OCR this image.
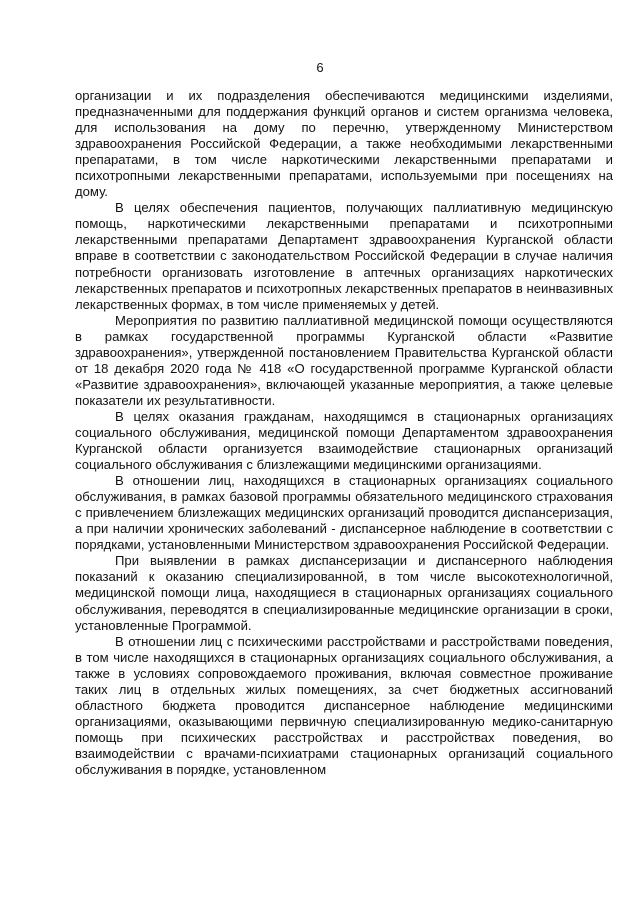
6

организации и их подразделения обеспечиваются медицинскими изделиями, предназначенными для поддержания функций органов и систем организма человека, для использования на дому по перечню, утвержденному Министерством здравоохранения Российской Федерации, а также необходимыми лекарственными препаратами, в том числе наркотическими лекарственными препаратами и психотропными лекарственными препаратами, используемыми при посещениях на дому.

В целях обеспечения пациентов, получающих паллиативную медицинскую помощь, наркотическими лекарственными препаратами и психотропными лекарственными препаратами Департамент здравоохранения Курганской области вправе в соответствии с законодательством Российской Федерации в случае наличия потребности организовать изготовление в аптечных организациях наркотических лекарственных препаратов и психотропных лекарственных препаратов в неинвазивных лекарственных формах, в том числе применяемых у детей.

Мероприятия по развитию паллиативной медицинской помощи осуществляются в рамках государственной программы Курганской области «Развитие здравоохранения», утвержденной постановлением Правительства Курганской области от 18 декабря 2020 года № 418 «О государственной программе Курганской области «Развитие здравоохранения», включающей указанные мероприятия, а также целевые показатели их результативности.

В целях оказания гражданам, находящимся в стационарных организациях социального обслуживания, медицинской помощи Департаментом здравоохранения Курганской области организуется взаимодействие стационарных организаций социального обслуживания с близлежащими медицинскими организациями.

В отношении лиц, находящихся в стационарных организациях социального обслуживания, в рамках базовой программы обязательного медицинского страхования с привлечением близлежащих медицинских организаций проводится диспансеризация, а при наличии хронических заболеваний - диспансерное наблюдение в соответствии с порядками, установленными Министерством здравоохранения Российской Федерации.

При выявлении в рамках диспансеризации и диспансерного наблюдения показаний к оказанию специализированной, в том числе высокотехнологичной, медицинской помощи лица, находящиеся в стационарных организациях социального обслуживания, переводятся в специализированные медицинские организации в сроки, установленные Программой.

В отношении лиц с психическими расстройствами и расстройствами поведения, в том числе находящихся в стационарных организациях социального обслуживания, а также в условиях сопровождаемого проживания, включая совместное проживание таких лиц в отдельных жилых помещениях, за счет бюджетных ассигнований областного бюджета проводится диспансерное наблюдение медицинскими организациями, оказывающими первичную специализированную медико-санитарную помощь при психических расстройствах и расстройствах поведения, во взаимодействии с врачами-психиатрами стационарных организаций социального обслуживания в порядке, установленном
